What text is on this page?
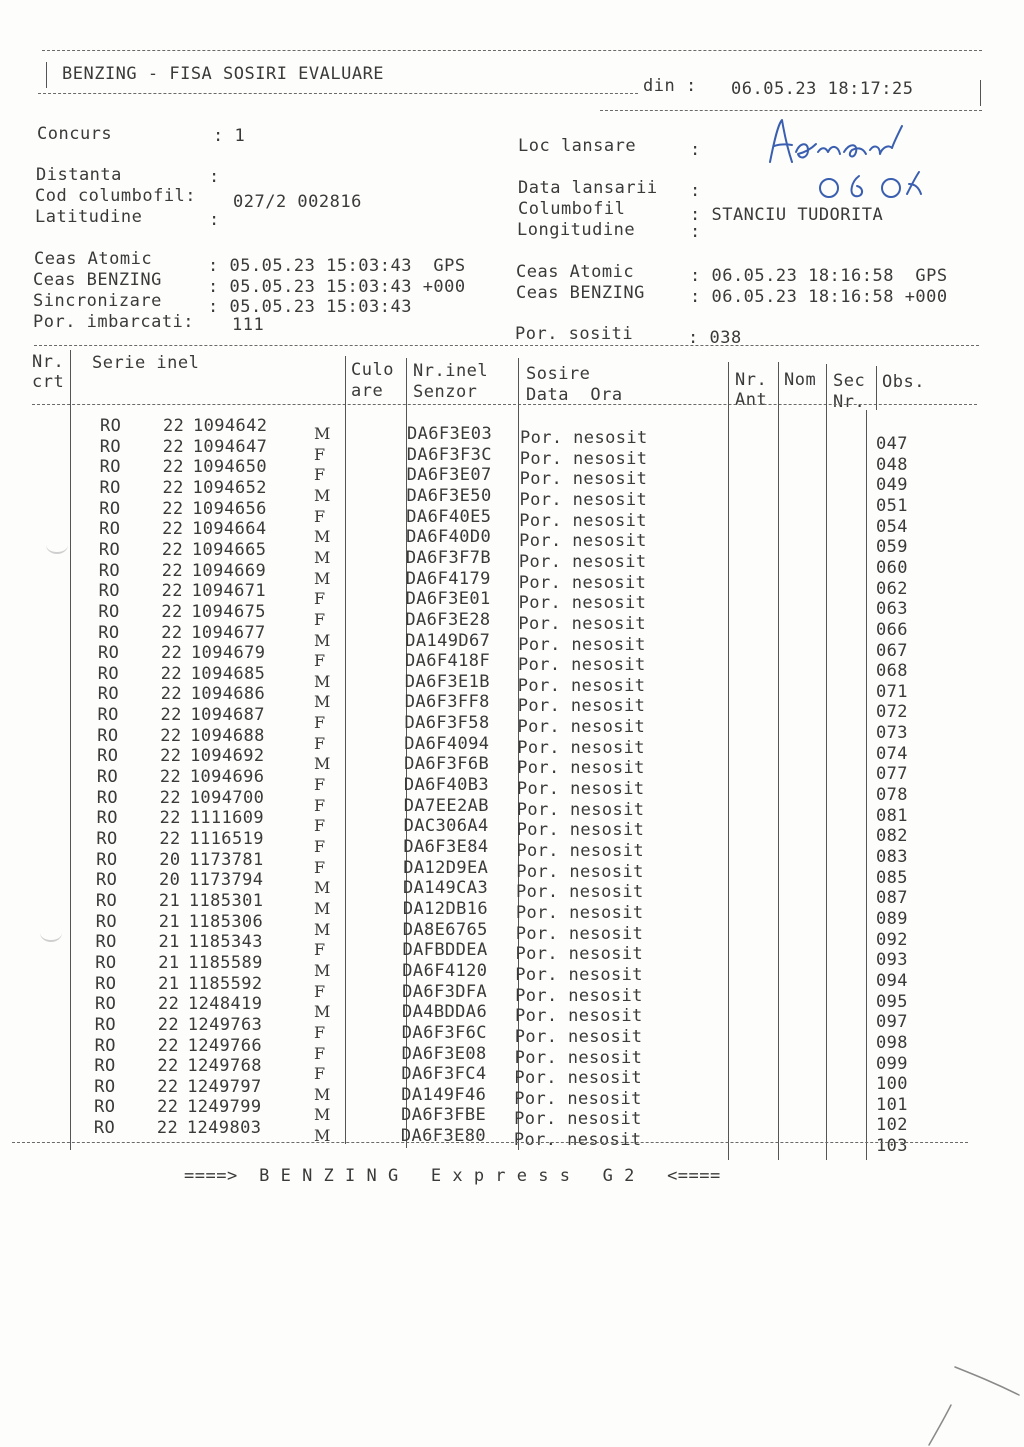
BENZING - FISA SOSIRI EVALUARE
din : 06.05.23 18:17:25
Concurs	: 1	Loc lansare	:
Distanta	:
Cod columbofil: 027/2 002816
Latitudine	:
Data lansarii :
Columbofil	: STANCIU TUDORITA
Longitudine	:
Ceas Atomic	: 05.05.23 15:03:43  GPS
Ceas BENZING	: 05.05.23 15:03:43 +000
Sincronizare	: 05.05.23 15:03:43
Por. imbarcati: 111
Ceas Atomic	: 06.05.23 18:16:58  GPS
Ceas BENZING	: 06.05.23 18:16:58 +000
Por. sositi	: 038
Nr.
crt
Serie inel	Culo
are
Nr.inel
Senzor
Sosire
Data  Ora
Nr.
Ant
Nom Sec
Nr.
Obs.
RO 22 1094642	M	DA6F3E03 Por. nesosit	047
RO 22 1094647	F	DA6F3F3C Por. nesosit	048
RO 22 1094650	F	DA6F3E07 Por. nesosit	049
RO 22 1094652	M	DA6F3E50 Por. nesosit	051
RO 22 1094656	F	DA6F40E5 Por. nesosit	054
RO 22 1094664	M	DA6F40D0 Por. nesosit	059
RO 22 1094665	M	DA6F3F7B Por. nesosit	060
RO 22 1094669	M	DA6F4179 Por. nesosit	062
RO 22 1094671	F	DA6F3E01 Por. nesosit	063
RO 22 1094675	F	DA6F3E28 Por. nesosit	066
RO 22 1094677	M	DA149D67 Por. nesosit	067
RO 22 1094679	F	DA6F418F Por. nesosit	068
RO 22 1094685	M	DA6F3E1B Por. nesosit	071
RO 22 1094686	M	DA6F3FF8 Por. nesosit	072
RO 22 1094687	F	DA6F3F58 Por. nesosit	073
RO 22 1094688	F	DA6F4094 Por. nesosit	074
RO 22 1094692	M	DA6F3F6B Por. nesosit	077
RO 22 1094696	F	DA6F40B3 Por. nesosit	078
RO 22 1094700	F	DA7EE2AB Por. nesosit	081
RO 22 1111609	F	DAC306A4 Por. nesosit	082
RO 22 1116519	F	DA6F3E84 Por. nesosit	083
RO 20 1173781	F	DA12D9EA Por. nesosit	085
RO 20 1173794	M	DA149CA3 Por. nesosit	087
RO 21 1185301	M	DA12DB16 Por. nesosit	089
RO 21 1185306	M	DA8E6765 Por. nesosit	092
RO 21 1185343	F	DAFBDDEA Por. nesosit	093
RO 21 1185589	M	DA6F4120 Por. nesosit	094
RO 21 1185592	F	DA6F3DFA Por. nesosit	095
RO 22 1248419	M	DA4BDDA6 Por. nesosit	097
RO 22 1249763	F	DA6F3F6C Por. nesosit	098
RO 22 1249766	F	DA6F3E08 Por. nesosit	099
RO 22 1249768	F	DA6F3FC4 Por. nesosit	100
RO 22 1249797	M	DA149F46 Por. nesosit	101
RO 22 1249799	M	DA6F3FBE Por. nesosit	102
RO 22 1249803	M	DA6F3E80 Por. nesosit	103
====>  B E N Z I N G   E x p r e s s   G 2   <====
